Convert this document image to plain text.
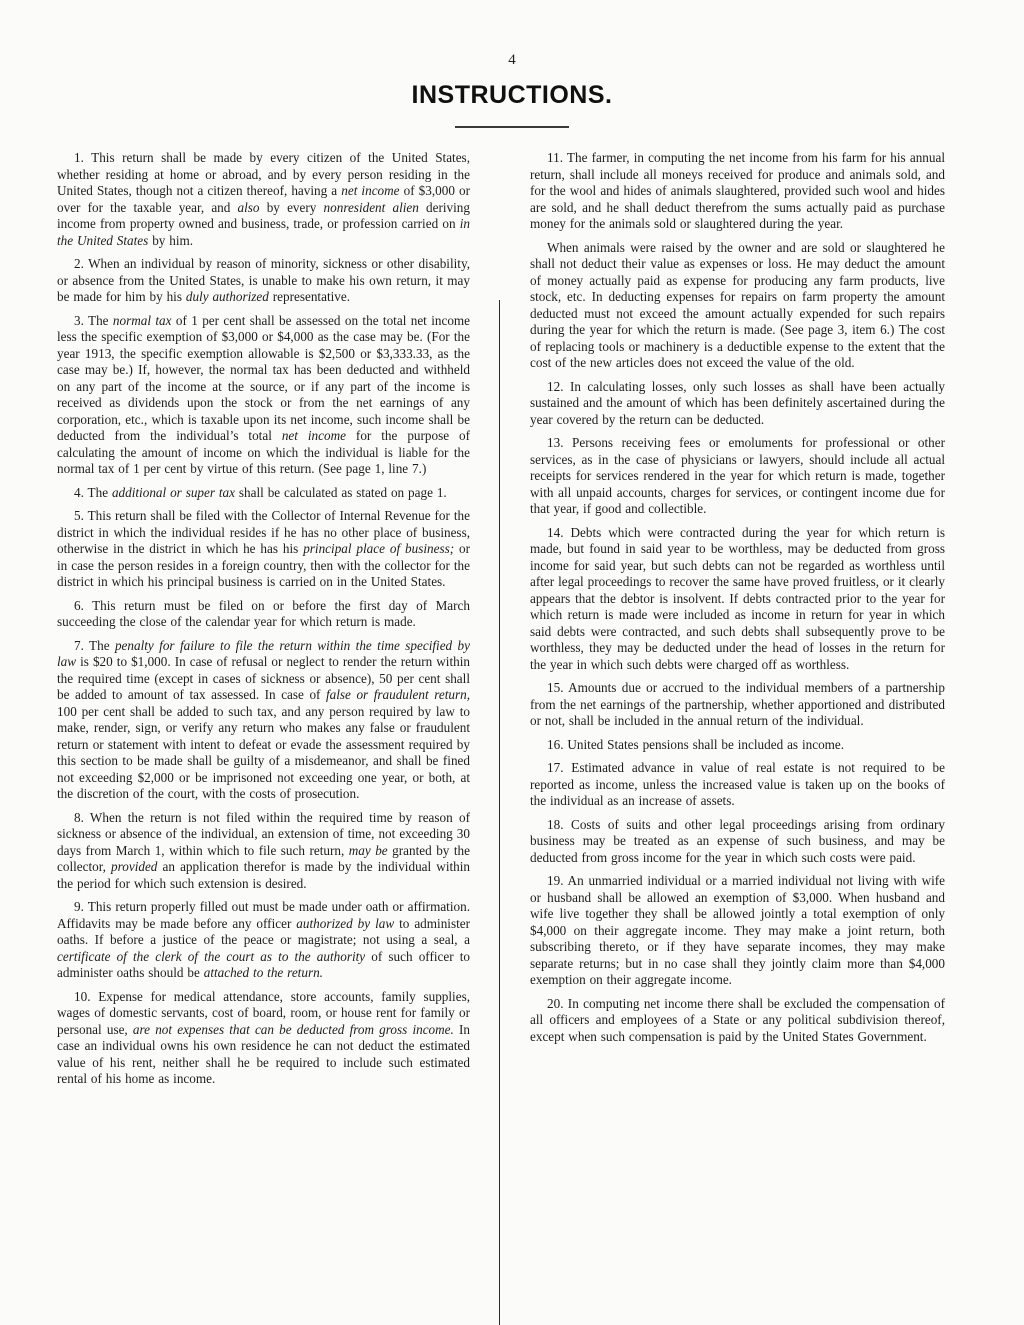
4
INSTRUCTIONS.

1. This return shall be made by every citizen of the United States, whether residing at home or abroad, and by every person residing in the United States, though not a citizen thereof, having a net income of $3,000 or over for the taxable year, and also by every nonresident alien deriving income from property owned and business, trade, or profession carried on in the United States by him.

2. When an individual by reason of minority, sickness or other disability, or absence from the United States, is unable to make his own return, it may be made for him by his duly authorized representative.

3. The normal tax of 1 per cent shall be assessed on the total net income less the specific exemption of $3,000 or $4,000 as the case may be. (For the year 1913, the specific exemption allowable is $2,500 or $3,333.33, as the case may be.) If, however, the normal tax has been deducted and withheld on any part of the income at the source, or if any part of the income is received as dividends upon the stock or from the net earnings of any corporation, etc., which is taxable upon its net income, such income shall be deducted from the individual’s total net income for the purpose of calculating the amount of income on which the individual is liable for the normal tax of 1 per cent by virtue of this return. (See page 1, line 7.)

4. The additional or super tax shall be calculated as stated on page 1.

5. This return shall be filed with the Collector of Internal Revenue for the district in which the individual resides if he has no other place of business, otherwise in the district in which he has his principal place of business; or in case the person resides in a foreign country, then with the collector for the district in which his principal business is carried on in the United States.

6. This return must be filed on or before the first day of March succeeding the close of the calendar year for which return is made.

7. The penalty for failure to file the return within the time specified by law is $20 to $1,000. In case of refusal or neglect to render the return within the required time (except in cases of sickness or absence), 50 per cent shall be added to amount of tax assessed. In case of false or fraudulent return, 100 per cent shall be added to such tax, and any person required by law to make, render, sign, or verify any return who makes any false or fraudulent return or statement with intent to defeat or evade the assessment required by this section to be made shall be guilty of a misdemeanor, and shall be fined not exceeding $2,000 or be imprisoned not exceeding one year, or both, at the discretion of the court, with the costs of prosecution.

8. When the return is not filed within the required time by reason of sickness or absence of the individual, an extension of time, not exceeding 30 days from March 1, within which to file such return, may be granted by the collector, provided an application therefor is made by the individual within the period for which such extension is desired.

9. This return properly filled out must be made under oath or affirmation. Affidavits may be made before any officer authorized by law to administer oaths. If before a justice of the peace or magistrate; not using a seal, a certificate of the clerk of the court as to the authority of such officer to administer oaths should be attached to the return.

10. Expense for medical attendance, store accounts, family supplies, wages of domestic servants, cost of board, room, or house rent for family or personal use, are not expenses that can be deducted from gross income. In case an individual owns his own residence he can not deduct the estimated value of his rent, neither shall he be required to include such estimated rental of his home as income.

11. The farmer, in computing the net income from his farm for his annual return, shall include all moneys received for produce and animals sold, and for the wool and hides of animals slaughtered, provided such wool and hides are sold, and he shall deduct therefrom the sums actually paid as purchase money for the animals sold or slaughtered during the year.

When animals were raised by the owner and are sold or slaughtered he shall not deduct their value as expenses or loss. He may deduct the amount of money actually paid as expense for producing any farm products, live stock, etc. In deducting expenses for repairs on farm property the amount deducted must not exceed the amount actually expended for such repairs during the year for which the return is made. (See page 3, item 6.) The cost of replacing tools or machinery is a deductible expense to the extent that the cost of the new articles does not exceed the value of the old.

12. In calculating losses, only such losses as shall have been actually sustained and the amount of which has been definitely ascertained during the year covered by the return can be deducted.

13. Persons receiving fees or emoluments for professional or other services, as in the case of physicians or lawyers, should include all actual receipts for services rendered in the year for which return is made, together with all unpaid accounts, charges for services, or contingent income due for that year, if good and collectible.

14. Debts which were contracted during the year for which return is made, but found in said year to be worthless, may be deducted from gross income for said year, but such debts can not be regarded as worthless until after legal proceedings to recover the same have proved fruitless, or it clearly appears that the debtor is insolvent. If debts contracted prior to the year for which return is made were included as income in return for year in which said debts were contracted, and such debts shall subsequently prove to be worthless, they may be deducted under the head of losses in the return for the year in which such debts were charged off as worthless.

15. Amounts due or accrued to the individual members of a partnership from the net earnings of the partnership, whether apportioned and distributed or not, shall be included in the annual return of the individual.

16. United States pensions shall be included as income.

17. Estimated advance in value of real estate is not required to be reported as income, unless the increased value is taken up on the books of the individual as an increase of assets.

18. Costs of suits and other legal proceedings arising from ordinary business may be treated as an expense of such business, and may be deducted from gross income for the year in which such costs were paid.

19. An unmarried individual or a married individual not living with wife or husband shall be allowed an exemption of $3,000. When husband and wife live together they shall be allowed jointly a total exemption of only $4,000 on their aggregate income. They may make a joint return, both subscribing thereto, or if they have separate incomes, they may make separate returns; but in no case shall they jointly claim more than $4,000 exemption on their aggregate income.

20. In computing net income there shall be excluded the compensation of all officers and employees of a State or any political subdivision thereof, except when such compensation is paid by the United States Government.
